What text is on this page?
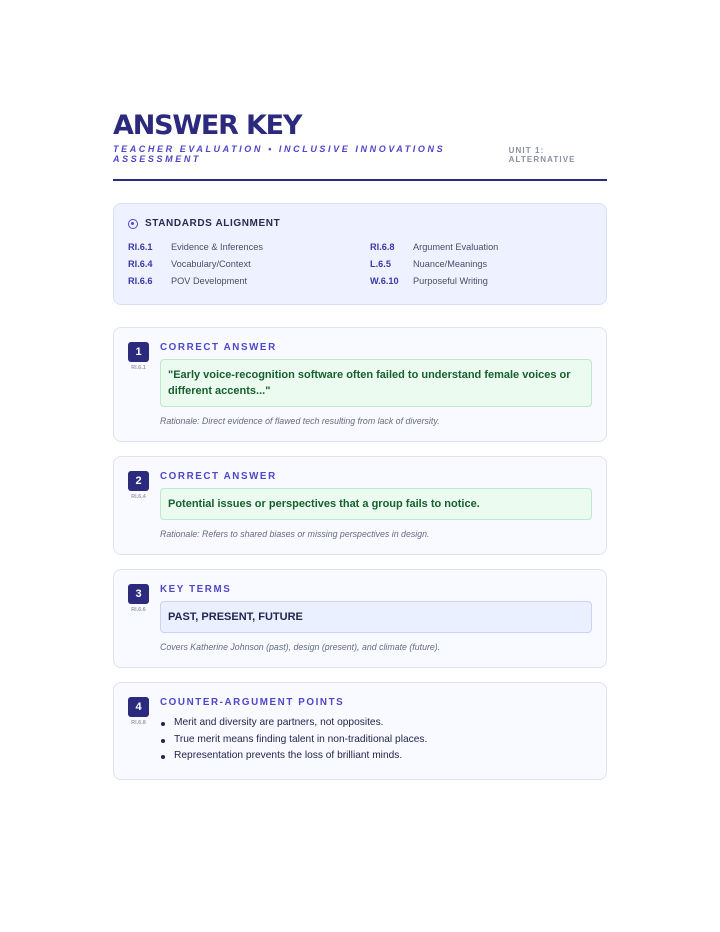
ANSWER KEY
TEACHER EVALUATION • INCLUSIVE INNOVATIONS ASSESSMENT
UNIT 1: ALTERNATIVE
STANDARDS ALIGNMENT
RI.6.1	Evidence & Inferences	RI.6.8	Argument Evaluation
RI.6.4	Vocabulary/Context	L.6.5	Nuance/Meanings
RI.6.6	POV Development	W.6.10	Purposeful Writing
1
RI.6.1
CORRECT ANSWER
"Early voice-recognition software often failed to understand female voices or different accents..."
Rationale: Direct evidence of flawed tech resulting from lack of diversity.
2
RI.6.4
CORRECT ANSWER
Potential issues or perspectives that a group fails to notice.
Rationale: Refers to shared biases or missing perspectives in design.
3
RI.6.6
KEY TERMS
PAST, PRESENT, FUTURE
Covers Katherine Johnson (past), design (present), and climate (future).
4
RI.6.8
COUNTER-ARGUMENT POINTS
Merit and diversity are partners, not opposites.
True merit means finding talent in non-traditional places.
Representation prevents the loss of brilliant minds.
